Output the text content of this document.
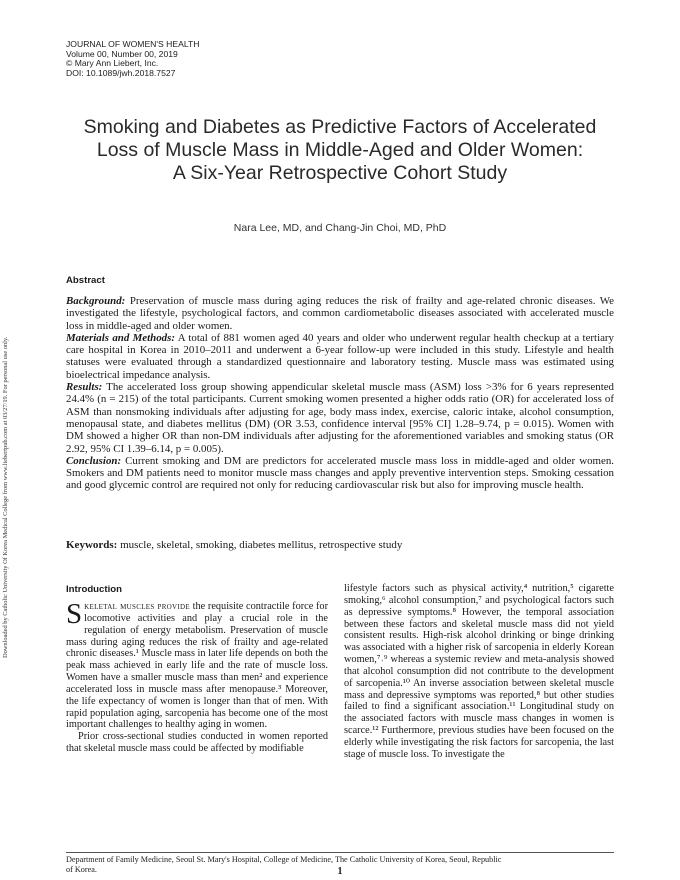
Downloaded by Catholic University Of Korea Medical College from www.liebertpub.com at 03/27/19. For personal use only.
JOURNAL OF WOMEN'S HEALTH
Volume 00, Number 00, 2019
© Mary Ann Liebert, Inc.
DOI: 10.1089/jwh.2018.7527
Smoking and Diabetes as Predictive Factors of Accelerated
Loss of Muscle Mass in Middle-Aged and Older Women:
A Six-Year Retrospective Cohort Study
Nara Lee, MD, and Chang-Jin Choi, MD, PhD
Abstract

Background: Preservation of muscle mass during aging reduces the risk of frailty and age-related chronic diseases. We investigated the lifestyle, psychological factors, and common cardiometabolic diseases associated with accelerated muscle loss in middle-aged and older women.

Materials and Methods: A total of 881 women aged 40 years and older who underwent regular health checkup at a tertiary care hospital in Korea in 2010–2011 and underwent a 6-year follow-up were included in this study. Lifestyle and health statuses were evaluated through a standardized questionnaire and laboratory testing. Muscle mass was estimated using bioelectrical impedance analysis.

Results: The accelerated loss group showing appendicular skeletal muscle mass (ASM) loss >3% for 6 years represented 24.4% (n = 215) of the total participants. Current smoking women presented a higher odds ratio (OR) for accelerated loss of ASM than nonsmoking individuals after adjusting for age, body mass index, exercise, caloric intake, alcohol consumption, menopausal state, and diabetes mellitus (DM) (OR 3.53, confidence interval [95% CI] 1.28–9.74, p = 0.015). Women with DM showed a higher OR than non-DM individuals after adjusting for the aforementioned variables and smoking status (OR 2.92, 95% CI 1.39–6.14, p = 0.005).

Conclusion: Current smoking and DM are predictors for accelerated muscle mass loss in middle-aged and older women. Smokers and DM patients need to monitor muscle mass changes and apply preventive intervention steps. Smoking cessation and good glycemic control are required not only for reducing cardiovascular risk but also for improving muscle health.

Keywords: muscle, skeletal, smoking, diabetes mellitus, retrospective study
Introduction

Skeletal muscles provide the requisite contractile force for locomotive activities and play a crucial role in the regulation of energy metabolism. Preservation of muscle mass during aging reduces the risk of frailty and age-related chronic diseases.¹ Muscle mass in later life depends on both the peak mass achieved in early life and the rate of muscle loss. Women have a smaller muscle mass than men² and experience accelerated loss in muscle mass after menopause.³ Moreover, the life expectancy of women is longer than that of men. With rapid population aging, sarcopenia has become one of the most important challenges to healthy aging in women.

Prior cross-sectional studies conducted in women reported that skeletal muscle mass could be affected by modifiable

lifestyle factors such as physical activity,⁴ nutrition,⁵ cigarette smoking,⁶ alcohol consumption,⁷ and psychological factors such as depressive symptoms.⁸ However, the temporal association between these factors and skeletal muscle mass did not yield consistent results. High-risk alcohol drinking or binge drinking was associated with a higher risk of sarcopenia in elderly Korean women,⁷˒⁹ whereas a systemic review and meta-analysis showed that alcohol consumption did not contribute to the development of sarcopenia.¹⁰ An inverse association between skeletal muscle mass and depressive symptoms was reported,⁸ but other studies failed to find a significant association.¹¹ Longitudinal study on the associated factors with muscle mass changes in women is scarce.¹² Furthermore, previous studies have been focused on the elderly while investigating the risk factors for sarcopenia, the last stage of muscle loss. To investigate the

Department of Family Medicine, Seoul St. Mary's Hospital, College of Medicine, The Catholic University of Korea, Seoul, Republic
of Korea.	1
